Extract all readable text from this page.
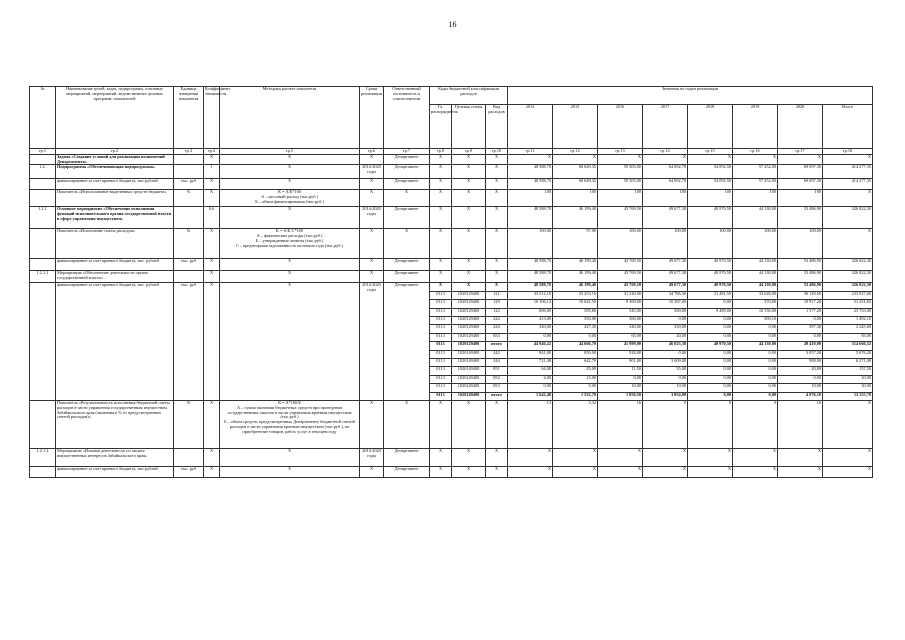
16
№	Наименование целей, задач, подпрограмм, основных мероприятий, мероприятий, ведомственных целевых программ, показателей	Единица измерения показателя	Коэффициент значимости	Методика расчета показателя	Сроки реализации	Ответственный исполнитель и соисполнители	Коды бюджетной классификации расходов			Значения по годам реализации							
							Гл. распорядитель	Целевая статья	Вид расходов	2014	2015	2016	2017	2018	2019	2020	Итого
гр.1	гр.2	гр.3	гр.4	гр.5	гр.6	гр.7	гр.8	гр.9	гр.10	гр.11	гр.12	гр.13	гр.14	гр.15	гр.16	гр.17	гр.18
	Задача «Создание условий для реализации полномочий Департамента»		Х	Х	Х	Департамент	Х	Х	Х	Х	Х	Х	Х	Х	Х	Х	Х
1.2.	Подпрограмма «Обеспечивающая подпрограмма»		1	Х	2014-2020 годы	Департамент	Х	Х	Х	48 588,70	60 649,35	59 305,00	64 692,70	54 092,50	57 252,00	69 697,30	414 277,35
	финансирование за счет краевого бюджета, тыс.рублей	тыс. руб	Х	Х	Х	Департамент	Х	Х	Х	48 588,70	60 649,35	59 305,00	64 692,70	54 092,50	57 252,00	69 697,30	414 277,35
	Показатель «Использование выделенных средств бюджета»	%	Х	К = А/Б*100
А – кассовый расход (тыс.руб.)
Б – объем финансирования (тыс.руб.)	Х	Х	Х	Х	Х	100	100	100	100	100	100	100	Х
1.2.1	Основное мероприятие «Обеспечение исполнения функций исполнительного органа государственной власти в сфере управления имуществом»		0,6	Х	2014-2020 годы	Департамент	Х	Х	Х	48 588,70	46 199,40	43 769,50	49 677,30	40 970,50	44 130,00	53 486,90	326 822,30
	Показатель «Исполнение сметы расходов»	%	Х	К = А/Б-С*100
А – фактические расходы (тыс.руб.)
Б – утвержденные лимиты (тыс.руб.)
С – кредиторская задолженность на начало года (тыс.руб.)	Х	Х	Х	Х	Х	100,00	97,00	100,00	100,00	100,00	100,00	100,00	Х
	финансирование за счет краевого бюджета, тыс. рублей	тыс. руб	Х	Х	Х	Департамент	Х	Х	Х	48 588,70	46 199,40	43 769,50	49 677,30	40 970,50	44 130,00	53 486,90	326 822,30
1.2.1.1	Мероприятие «Обеспечение деятельности органа государственной власти»		Х	Х	Х	Департамент	Х	Х	Х	48 588,70	46 199,40	43 769,50	49 677,30	40 970,50	44 130,00	53 486,90	326 822,30
	финансирование за счет краевого бюджета, тыс. рублей	тыс. руб	Х	Х	2014-2020 годы	Департамент	Х	Х	Х	48 588,70	46 199,40	43 769,50	49 677,30	40 970,50	44 130,00	53 486,90	326 822,30
							0113	1020129400	121	33 212,10	33 253,10	31 320,00	34 786,30	31 481,50	33 626,00	36 149,60	233 827,60
							0113	1020129400	129	10 106,12	10 042,50	9 369,00	10 387,00	0,00	370,00	10 917,20	51 251,82
							0113	1020129400	122	806,00	595,80	545,00	500,00	9 489,00	10 156,00	1 577,20	23 763,00
							0113	1020129400	242	413,00	350,00	360,00	0,00	0,00	369,10	0,00	1 492,10
							0113	1020129400	244	320,00	427,30	340,00	330,00	0,00	0,00	397,30	2 245,60
							0113	1020129400	853	0,00	0,00	65,00	20,00	0,00	0,00	0,00	85,00
							0113	1020129400	итого	44 946,22	44 666,70	41 999,00	46 023,30	40 970,50	44 130,00	49 410,00	314 666,52
							0113	1020149400	242	841,00	850,00	928,00	0,00	0,00	0,00	3 057,20	5 676,20
							0113	1020149400	244	721,48	642,70	901,00	3 009,00	0,00	0,00	988,90	6 271,08
							0113	1020149400	851	64,00	25,00	11,50	35,00	0,00	0,00	20,00	157,50
							0113	1020149400	852	4,00	15,00	0,00	0,00	0,00	0,00	0,00	20,00
							0113	1020149400	853	0,00	0,00	10,00	10,00	0,00	0,00	10,00	30,00
							0113	1020149400	итого	1 642,48	1 532,70	1 850,50	3 054,00	0,00	0,00	4 076,10	12 155,78
	Показатель «Результативность исполнения бюджетной сметы расходов в части управления государственным имуществом Забайкальского края (экономия в % от предусмотренных сметой расходов)»	%	Х	К = А*100/Б
А – сумма экономии бюджетных средств при проведении государственных закупок в части управления краевым имуществом (тыс.руб.)
Б – объем средств, предусмотренных Департаменту бюджетной сметой расходов в части управления краевым имуществом (тыс.руб.), на приобретение товаров, работ, услуг в текущем году	Х	Х	Х	Х	Х	13	3,32	16	0	0	0	16	Х
1.2.1.2	Мероприятие «Исковая деятельность по защите имущественных интересов Забайкальского края»		Х	Х	2014-2020 годы	Департамент	Х	Х	Х	Х	Х	Х	Х	Х	Х	Х	Х
	финансирование за счет краевого бюджета, тыс.рублей	тыс. руб	Х	Х	Х	Департамент	Х	Х	Х	Х	Х	Х	Х	Х	Х	Х	Х
